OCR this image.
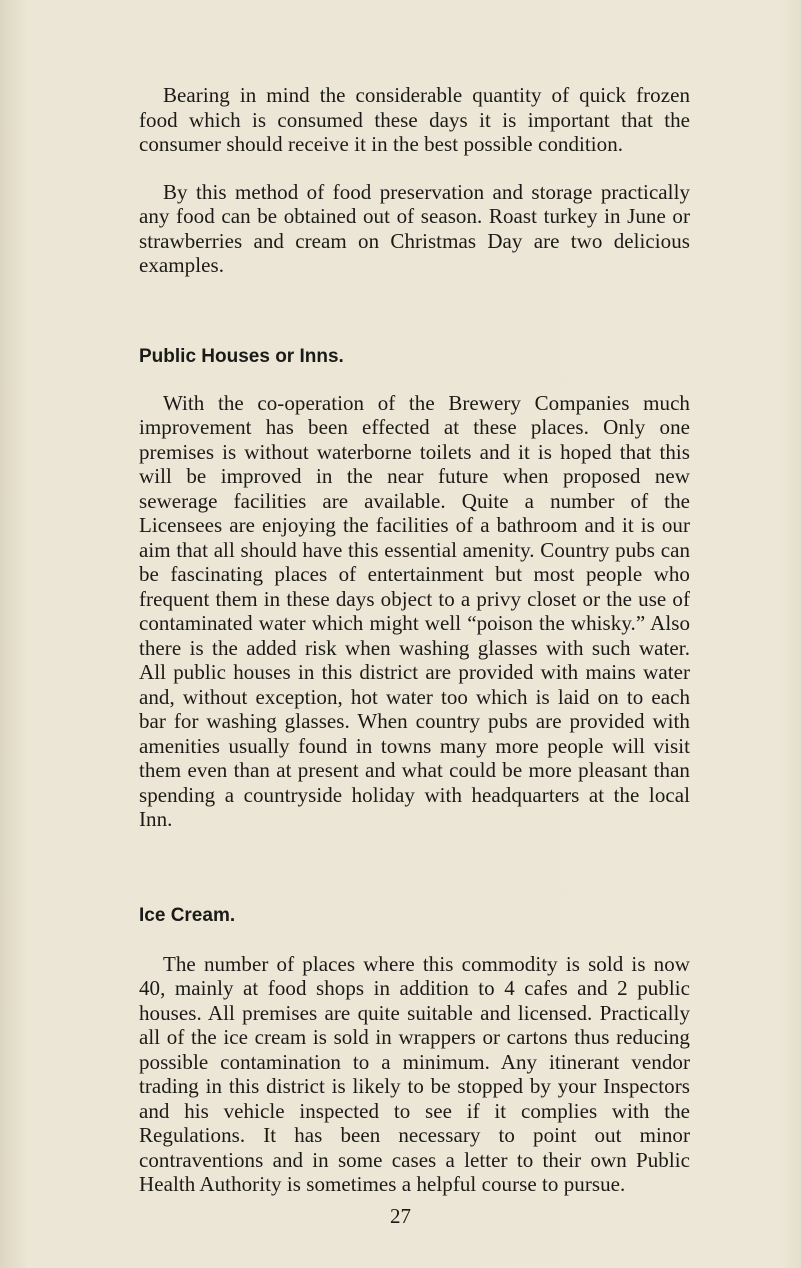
Bearing in mind the considerable quantity of quick frozen food which is consumed these days it is important that the consumer should receive it in the best possible condition.

By this method of food preservation and storage practically any food can be obtained out of season. Roast turkey in June or strawberries and cream on Christmas Day are two delicious examples.

Public Houses or Inns.

With the co-operation of the Brewery Companies much improvement has been effected at these places. Only one premises is without waterborne toilets and it is hoped that this will be improved in the near future when proposed new sewerage facilities are available. Quite a number of the Licensees are enjoying the facilities of a bathroom and it is our aim that all should have this essential amenity. Country pubs can be fascinating places of entertainment but most people who frequent them in these days object to a privy closet or the use of contaminated water which might well “poison the whisky.” Also there is the added risk when washing glasses with such water. All public houses in this district are provided with mains water and, without exception, hot water too which is laid on to each bar for washing glasses. When country pubs are provided with amenities usually found in towns many more people will visit them even than at present and what could be more pleasant than spending a countryside holiday with headquarters at the local Inn.

Ice Cream.

The number of places where this commodity is sold is now 40, mainly at food shops in addition to 4 cafes and 2 public houses. All premises are quite suitable and licensed. Practically all of the ice cream is sold in wrappers or cartons thus reducing possible contamination to a minimum. Any itinerant vendor trading in this district is likely to be stopped by your Inspectors and his vehicle inspected to see if it complies with the Regulations. It has been necessary to point out minor contraventions and in some cases a letter to their own Public Health Authority is sometimes a helpful course to pursue.

27
